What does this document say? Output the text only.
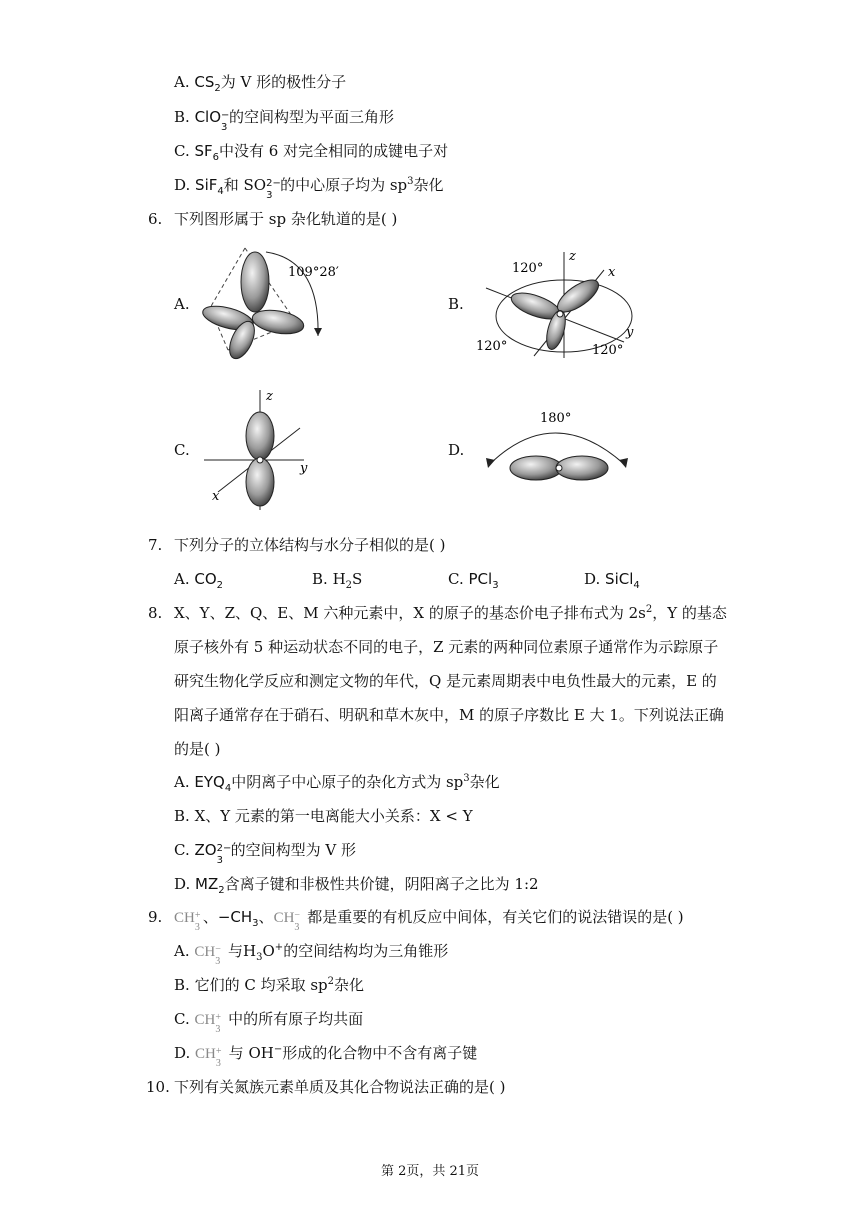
A. $CS_2$为 V 形的极性分子
B. ClO −
3
的空间构型为平面三角形
C. $SF_6$中没有 6 对完全相同的成键电子对
D. SiF$_4$和 SO 2−
3
的中心原子均为 $sp^3$杂化
6. 下列图形属于 sp 杂化轨道的是( )
A.	B.
C.	D.
109°28′
z
x
y
120°
120°	120°
z
y
x
180°
7. 下列分子的立体结构与水分子相似的是( )
A. $CO_2$	B. $H_2S$	C. PCl$_3$	D. SiCl$_4$
8. X、Y、Z、Q、E、M 六种元素中，X 的原子的基态价电子排布式为 $2s^2$，Y 的基态
原子核外有 5 种运动状态不同的电子，Z 元素的两种同位素原子通常作为示踪原子
研究生物化学反应和测定文物的年代，Q 是元素周期表中电负性最大的元素，E 的
阳离子通常存在于硝石、明矾和草木灰中，M 的原子序数比 E 大 1。下列说法正确
的是( )
A. $EYQ_4$中阴离子中心原子的杂化方式为 $sp^3$杂化
B. X、Y 元素的第一电离能大小关系：X < Y
C. ZO 2−
3
的空间构型为 V 形
D. $MZ_2$含离子键和非极性共价键，阴阳离子之比为 1:2
9. CH +
3
、$-CH_3$、CH −
3
都是重要的有机反应中间体，有关它们的说法错误的是( )
A. CH −
3
与$H_3O^+$的空间结构均为三角锥形
B. 它们的 C 均采取 $sp^2$杂化
C. CH +
3
中的所有原子均共面
D. CH +
3
与 OH−形成的化合物中不含有离子键
10. 下列有关氮族元素单质及其化合物说法正确的是( )
第 2页，共 21页
